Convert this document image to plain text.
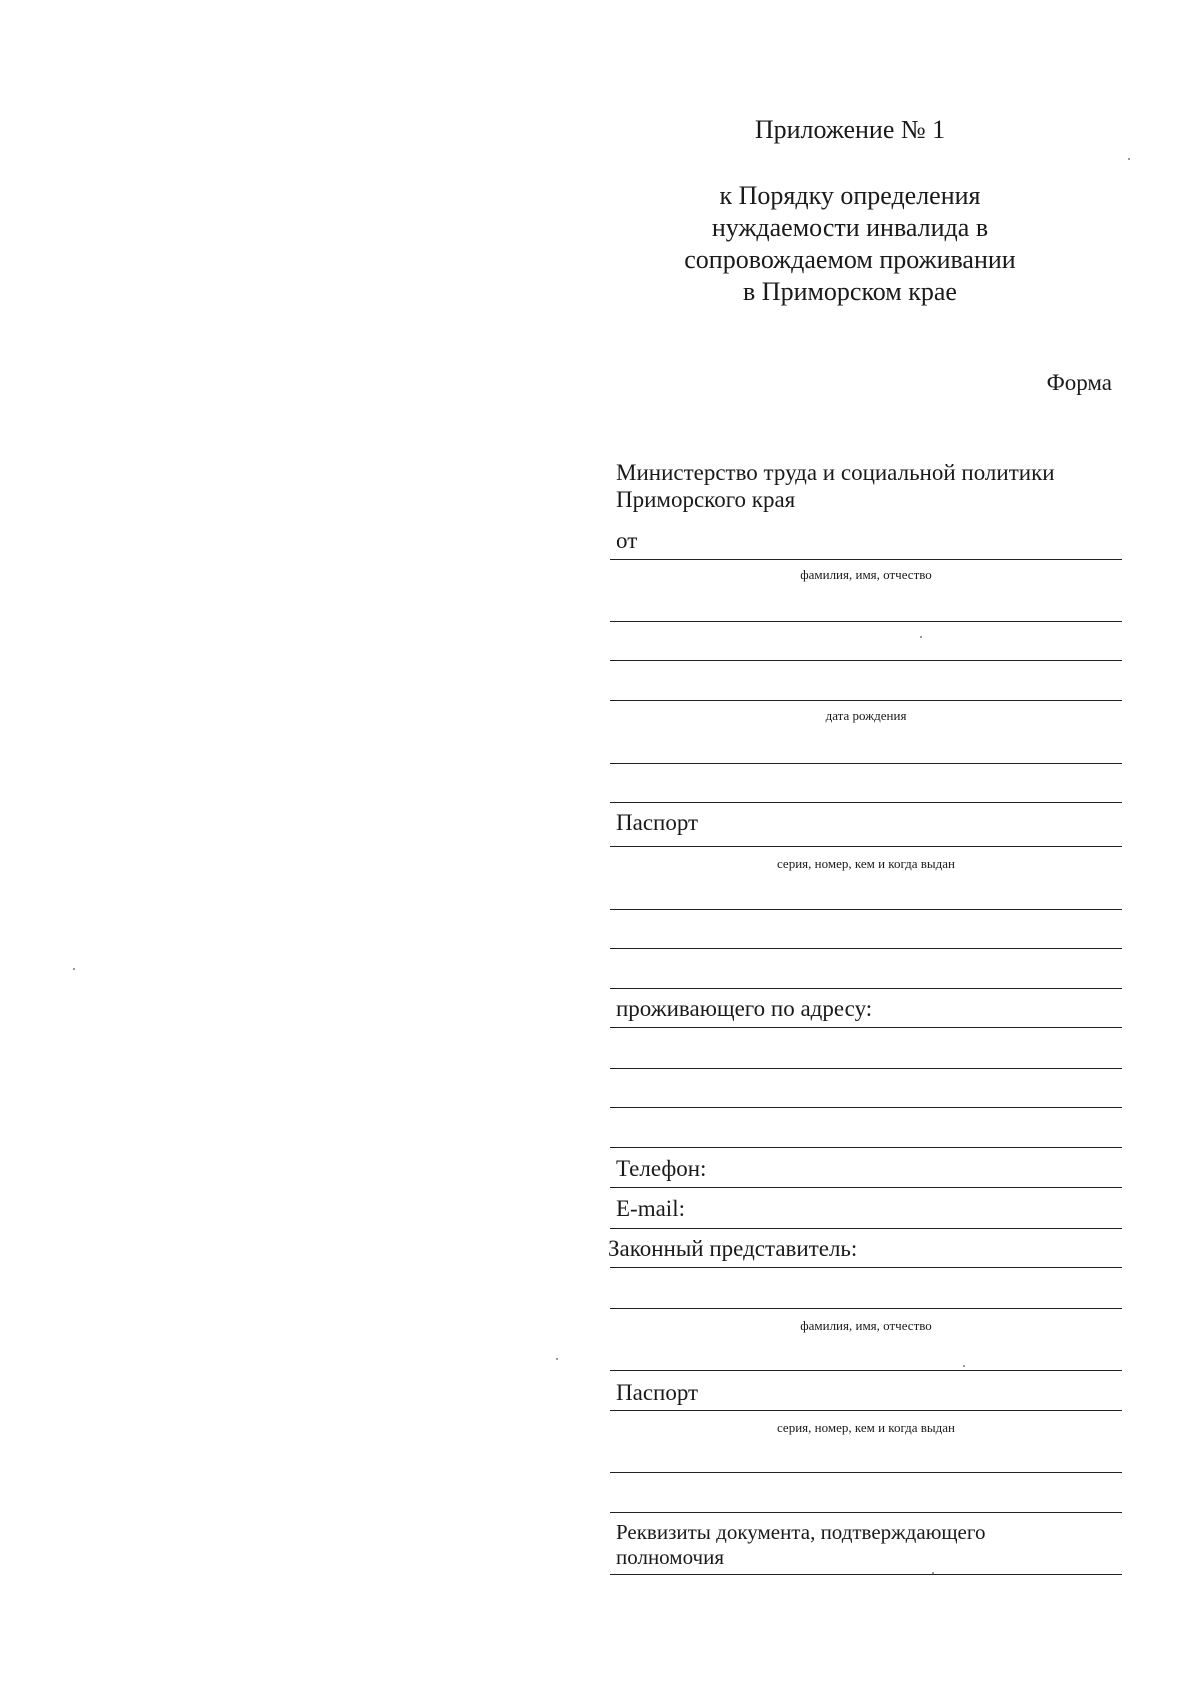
Приложение № 1
к Порядку определения
нуждаемости инвалида в
сопровождаемом проживании
в Приморском крае
Форма
Министерство труда и социальной политики
Приморского края
от
фамилия, имя, отчество
дата рождения
Паспорт
серия, номер, кем и когда выдан
проживающего по адресу:
Телефон:
E-mail:
Законный представитель:
фамилия, имя, отчество
Паспорт
серия, номер, кем и когда выдан
Реквизиты документа, подтверждающего
полномочия
